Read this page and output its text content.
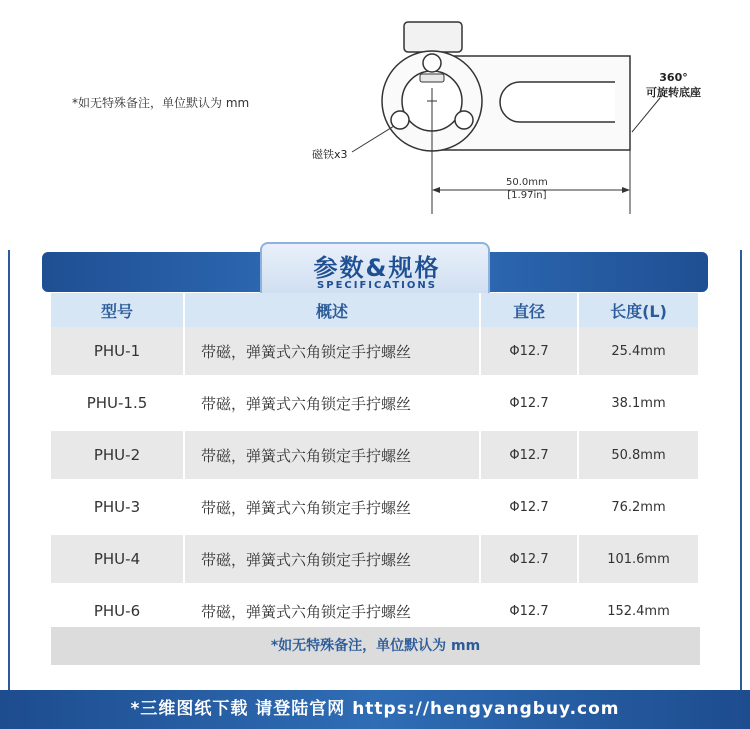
*如无特殊备注，单位默认为 mm
磁铁x3
360°
可旋转底座
50.0mm
[1.97in]
参数&规格
SPECIFICATIONS
型号	概述	直径	长度(L)
PHU-1	带磁，弹簧式六角锁定手拧螺丝	Φ12.7	25.4mm
PHU-1.5	带磁，弹簧式六角锁定手拧螺丝	Φ12.7	38.1mm
PHU-2	带磁，弹簧式六角锁定手拧螺丝	Φ12.7	50.8mm
PHU-3	带磁，弹簧式六角锁定手拧螺丝	Φ12.7	76.2mm
PHU-4	带磁，弹簧式六角锁定手拧螺丝	Φ12.7	101.6mm
PHU-6	带磁，弹簧式六角锁定手拧螺丝	Φ12.7	152.4mm
*如无特殊备注，单位默认为 mm
*三维图纸下载 请登陆官网 https://hengyangbuy.com
